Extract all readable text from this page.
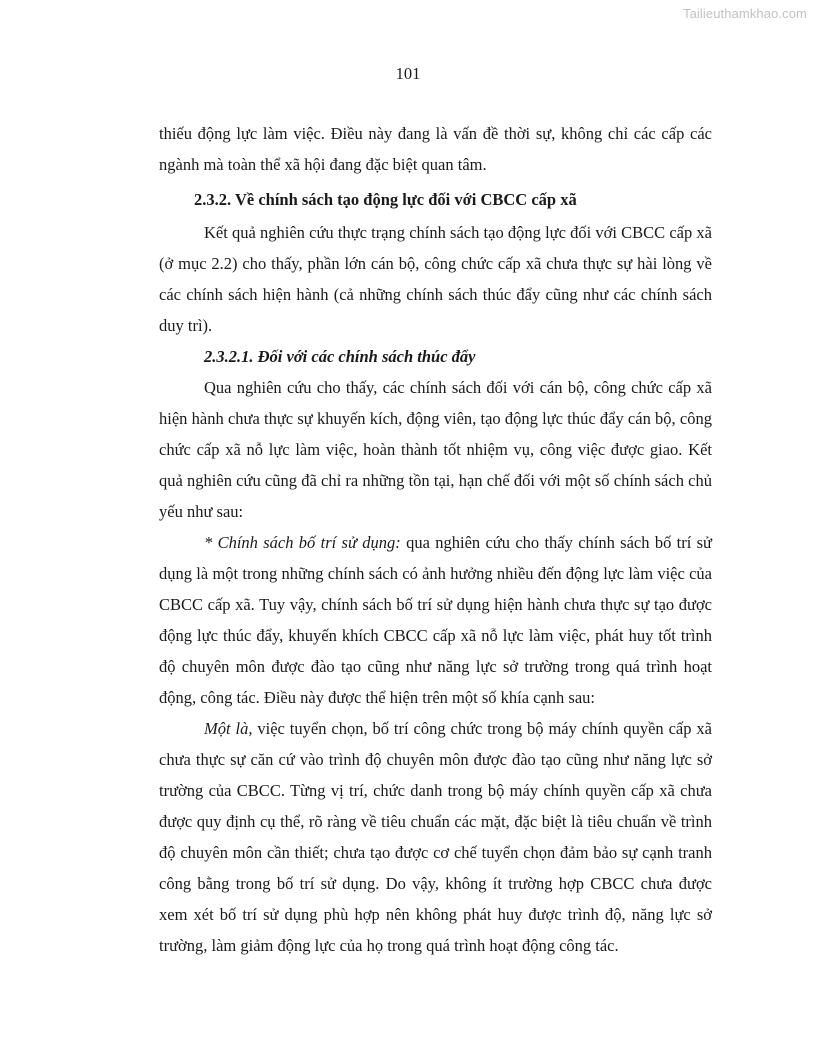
Tailieuthamkhao.com
101

thiếu động lực làm việc. Điều này đang là vấn đề thời sự, không chỉ các cấp các ngành mà toàn thể xã hội đang đặc biệt quan tâm.

2.3.2. Về chính sách tạo động lực đối với CBCC cấp xã

Kết quả nghiên cứu thực trạng chính sách tạo động lực đối với CBCC cấp xã (ở mục 2.2) cho thấy, phần lớn cán bộ, công chức cấp xã chưa thực sự hài lòng về các chính sách hiện hành (cả những chính sách thúc đẩy cũng như các chính sách duy trì).

2.3.2.1. Đối với các chính sách thúc đẩy

Qua nghiên cứu cho thấy, các chính sách đối với cán bộ, công chức cấp xã hiện hành chưa thực sự khuyến kích, động viên, tạo động lực thúc đẩy cán bộ, công chức cấp xã nỗ lực làm việc, hoàn thành tốt nhiệm vụ, công việc được giao. Kết quả nghiên cứu cũng đã chỉ ra những tồn tại, hạn chế đối với một số chính sách chủ yếu như sau:

* Chính sách bố trí sử dụng: qua nghiên cứu cho thấy chính sách bố trí sử dụng là một trong những chính sách có ảnh hưởng nhiều đến động lực làm việc của CBCC cấp xã. Tuy vậy, chính sách bố trí sử dụng hiện hành chưa thực sự tạo được động lực thúc đẩy, khuyến khích CBCC cấp xã nỗ lực làm việc, phát huy tốt trình độ chuyên môn được đào tạo cũng như năng lực sở trường trong quá trình hoạt động, công tác. Điều này được thể hiện trên một số khía cạnh sau:

Một là, việc tuyển chọn, bố trí công chức trong bộ máy chính quyền cấp xã chưa thực sự căn cứ vào trình độ chuyên môn được đào tạo cũng như năng lực sở trường của CBCC. Từng vị trí, chức danh trong bộ máy chính quyền cấp xã chưa được quy định cụ thể, rõ ràng về tiêu chuẩn các mặt, đặc biệt là tiêu chuẩn về trình độ chuyên môn cần thiết; chưa tạo được cơ chế tuyển chọn đảm bảo sự cạnh tranh công bằng trong bố trí sử dụng. Do vậy, không ít trường hợp CBCC chưa được xem xét bố trí sử dụng phù hợp nên không phát huy được trình độ, năng lực sở trường, làm giảm động lực của họ trong quá trình hoạt động công tác.
